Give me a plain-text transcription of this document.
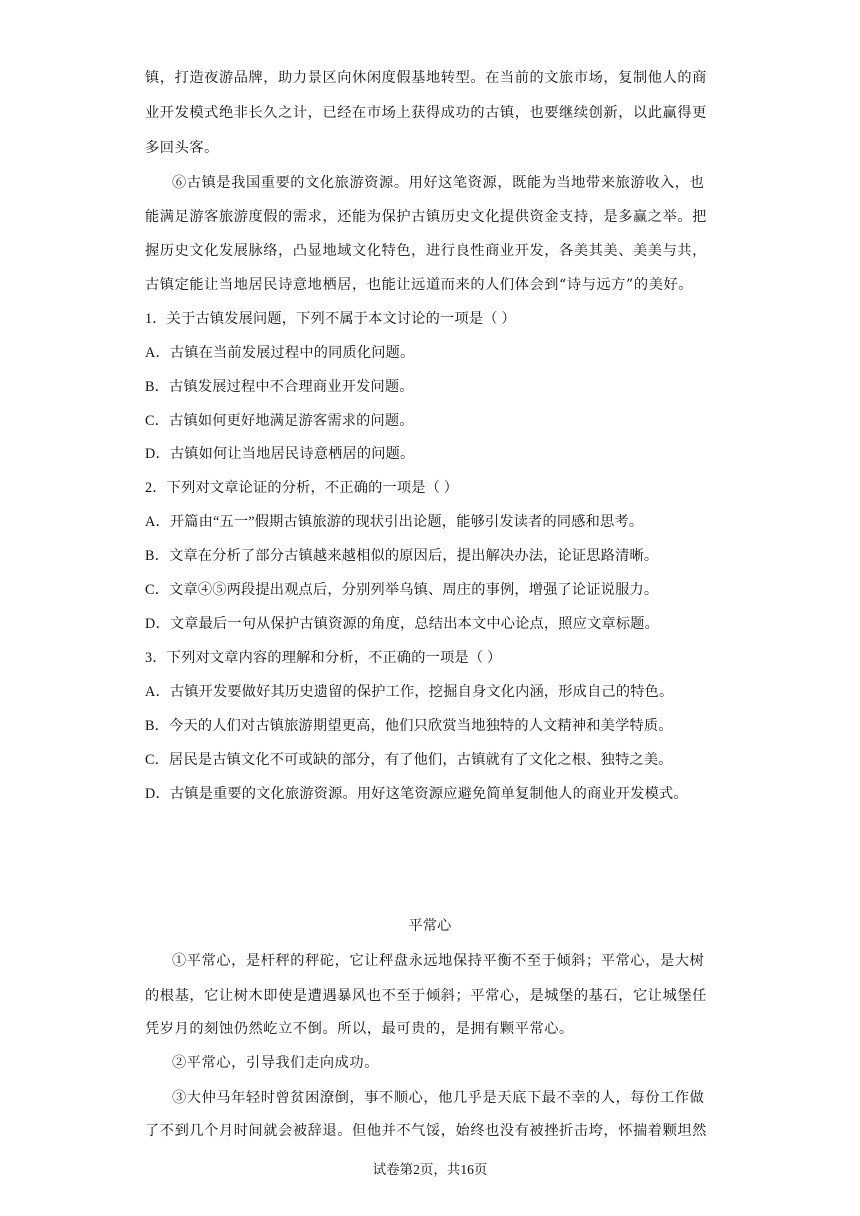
镇，打造夜游品牌，助力景区向休闲度假基地转型。在当前的文旅市场，复制他人的商
业开发模式绝非长久之计，已经在市场上获得成功的古镇，也要继续创新，以此赢得更
多回头客。
⑥古镇是我国重要的文化旅游资源。用好这笔资源，既能为当地带来旅游收入，也
能满足游客旅游度假的需求，还能为保护古镇历史文化提供资金支持，是多赢之举。把
握历史文化发展脉络，凸显地域文化特色，进行良性商业开发，各美其美、美美与共，
古镇定能让当地居民诗意地栖居，也能让远道而来的人们体会到“诗与远方”的美好。
1．关于古镇发展问题，下列不属于本文讨论的一项是（ ）
A．古镇在当前发展过程中的同质化问题。
B．古镇发展过程中不合理商业开发问题。
C．古镇如何更好地满足游客需求的问题。
D．古镇如何让当地居民诗意栖居的问题。
2．下列对文章论证的分析，不正确的一项是（ ）
A．开篇由“五一”假期古镇旅游的现状引出论题，能够引发读者的同感和思考。
B．文章在分析了部分古镇越来越相似的原因后，提出解决办法，论证思路清晰。
C．文章④⑤两段提出观点后，分别列举乌镇、周庄的事例，增强了论证说服力。
D．文章最后一句从保护古镇资源的角度，总结出本文中心论点，照应文章标题。
3．下列对文章内容的理解和分析，不正确的一项是（ ）
A．古镇开发要做好其历史遗留的保护工作，挖掘自身文化内涵，形成自己的特色。
B．今天的人们对古镇旅游期望更高，他们只欣赏当地独特的人文精神和美学特质。
C．居民是古镇文化不可或缺的部分，有了他们，古镇就有了文化之根、独特之美。
D．古镇是重要的文化旅游资源。用好这笔资源应避免简单复制他人的商业开发模式。
平常心
①平常心，是杆秤的秤砣，它让秤盘永远地保持平衡不至于倾斜；平常心，是大树
的根基，它让树木即使是遭遇暴风也不至于倾斜；平常心，是城堡的基石，它让城堡任
凭岁月的刻蚀仍然屹立不倒。所以，最可贵的，是拥有颗平常心。
②平常心，引导我们走向成功。
③大仲马年轻时曾贫困潦倒，事不顺心，他几乎是天底下最不幸的人，每份工作做
了不到几个月时间就会被辞退。但他并不气馁，始终也没有被挫折击垮，怀揣着颗坦然
试卷第2页，共16页
